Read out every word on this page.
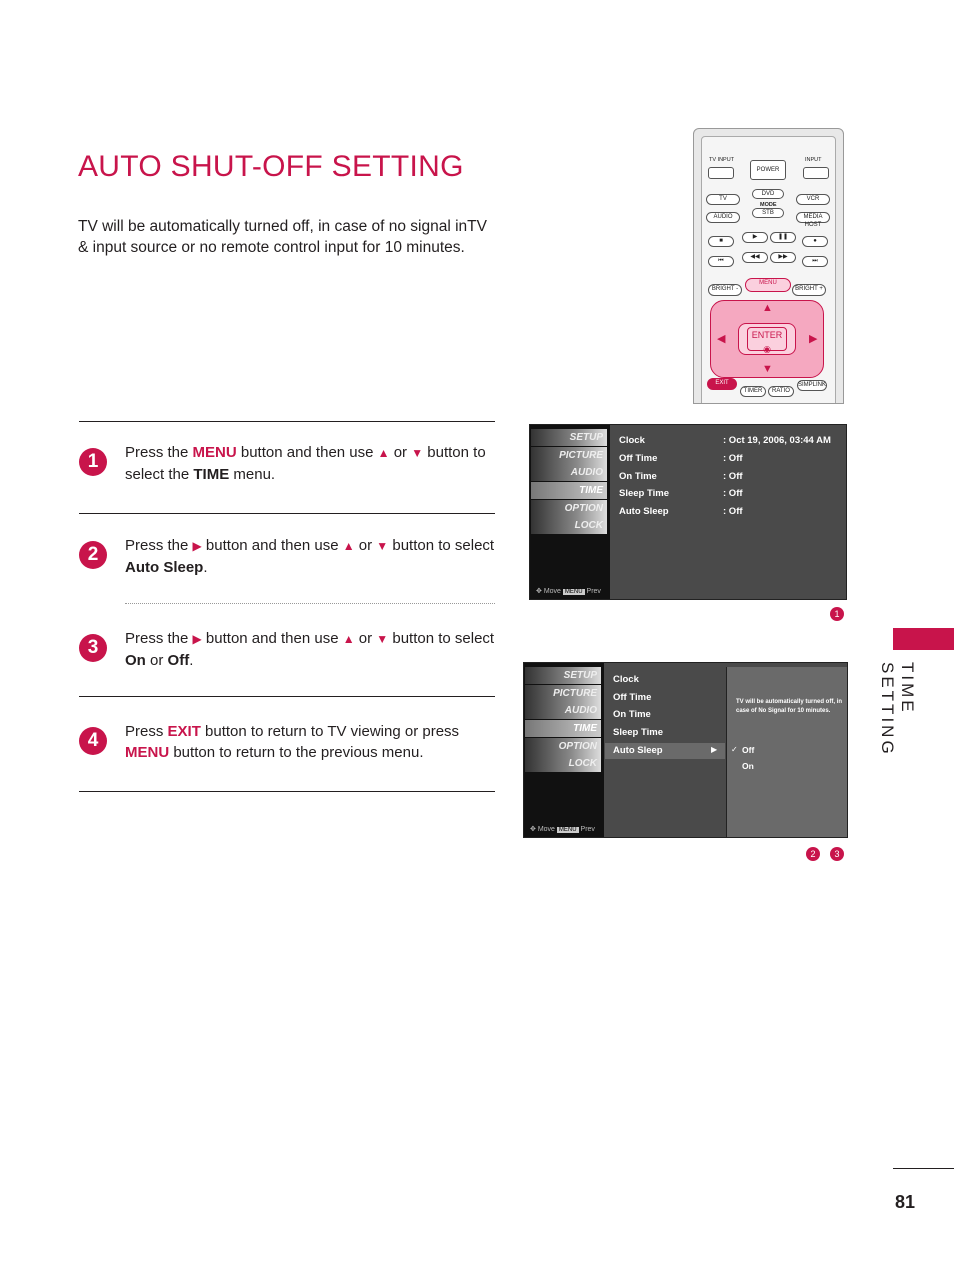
AUTO SHUT-OFF SETTING
TV will be automatically turned off, in case of no signal inTV & input source or no remote control input for 10 minutes.
TV INPUT	INPUT
POWER
TV
DVD
MODE
VCR
AUDIO
STB
MEDIA HOST
■
▶	❚❚
●
⏮
◀◀	▶▶
⏭
BRIGHT -
MENU
BRIGHT +
▲
▼
◀	▶
ENTER
◉
EXIT
TIMER	RATIO
SIMPLINK
1	Press the MENU button and then use ▲ or ▼ button to select the TIME menu.
2	Press the ▶ button and then use ▲ or ▼ button to select Auto Sleep.
3	Press the ▶ button and then use ▲ or ▼ button to select On or Off.
4	Press EXIT button to return to TV viewing or press MENU button to return to the previous menu.
SETUP
PICTURE
AUDIO
TIME
OPTION
LOCK
Clock	: Oct 19, 2006, 03:44 AM
Off Time	: Off
On Time	: Off
Sleep Time	: Off
Auto Sleep	: Off
✥ Move MENU Prev
1
SETUP
PICTURE
AUDIO
TIME
OPTION
LOCK
Clock
Off Time
On Time
Sleep Time
Auto Sleep	▶
TV will be automatically turned off, in case of No Signal for 10 minutes.
✓ Off
On
✥ Move MENU Prev
2	3
TIME SETTING
81
